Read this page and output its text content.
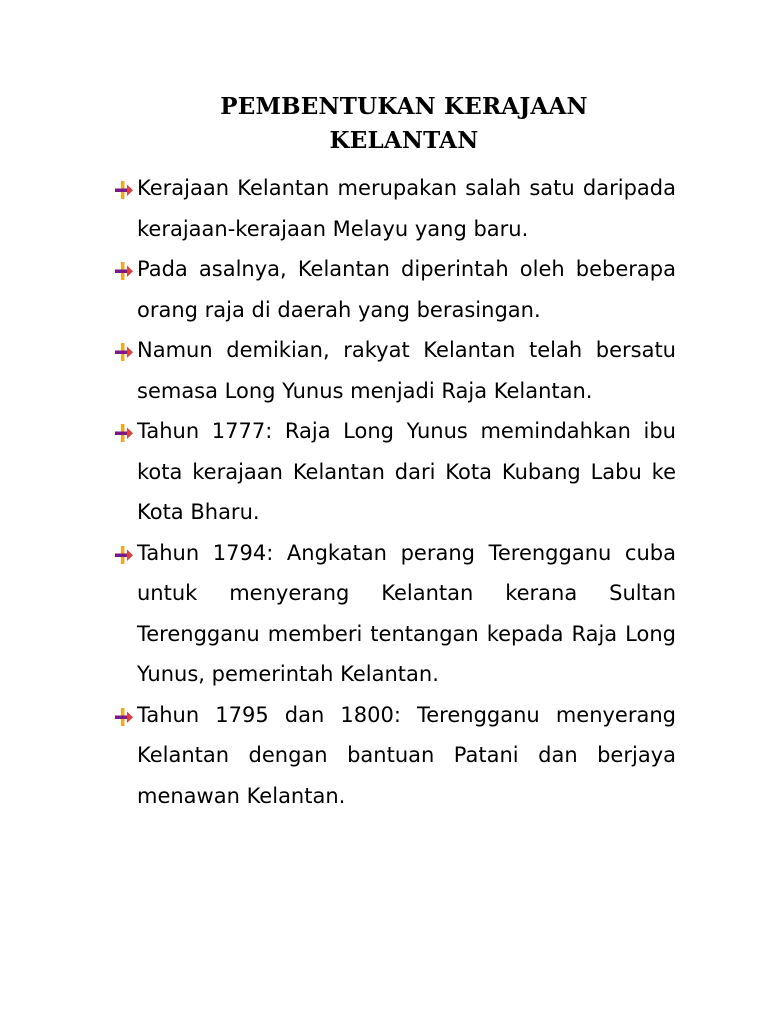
PEMBENTUKAN KERAJAAN
KELANTAN
Kerajaan Kelantan merupakan salah satu daripada kerajaan-kerajaan Melayu yang baru.
Pada asalnya, Kelantan diperintah oleh beberapa orang raja di daerah yang berasingan.
Namun demikian, rakyat Kelantan telah bersatu semasa Long Yunus menjadi Raja Kelantan.
Tahun 1777: Raja Long Yunus memindahkan ibu kota kerajaan Kelantan dari Kota Kubang Labu ke Kota Bharu.
Tahun 1794: Angkatan perang Terengganu cuba untuk menyerang Kelantan kerana Sultan Terengganu memberi tentangan kepada Raja Long Yunus, pemerintah Kelantan.
Tahun 1795 dan 1800: Terengganu menyerang Kelantan dengan bantuan Patani dan berjaya menawan Kelantan.
